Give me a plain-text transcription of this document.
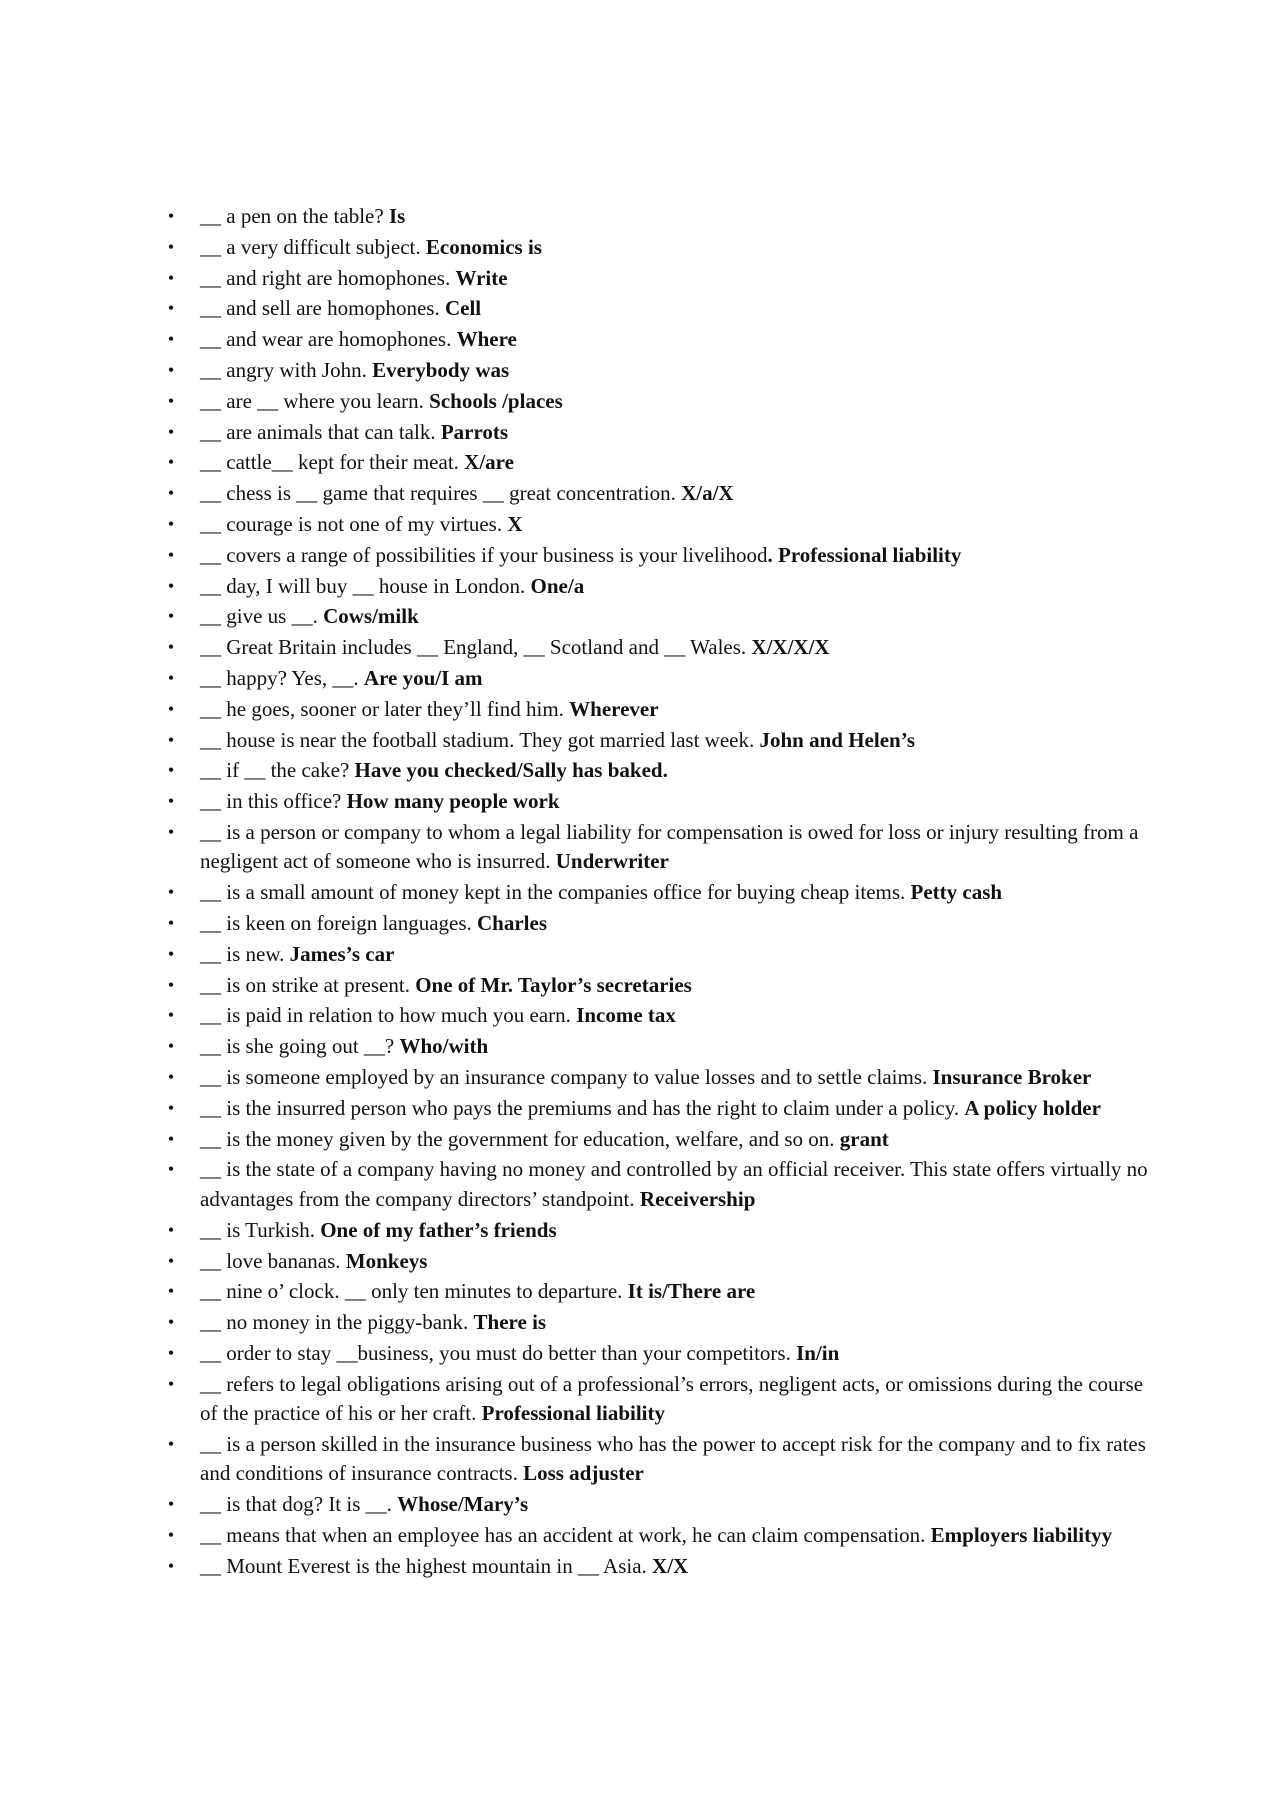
• __ a pen on the table? Is
• __ a very difficult subject. Economics is
• __ and right are homophones. Write
• __ and sell are homophones. Cell
• __ and wear are homophones. Where
• __ angry with John. Everybody was
• __ are __ where you learn. Schools /places
• __ are animals that can talk. Parrots
• __ cattle__ kept for their meat. X/are
• __ chess is __ game that requires __ great concentration. X/a/X
• __ courage is not one of my virtues. X
• __ covers a range of possibilities if your business is your livelihood. Professional liability
• __ day, I will buy __ house in London. One/a
• __ give us __. Cows/milk
• __ Great Britain includes __ England, __ Scotland and __ Wales. X/X/X/X
• __ happy? Yes, __. Are you/I am
• __ he goes, sooner or later they’ll find him. Wherever
• __ house is near the football stadium. They got married last week. John and Helen’s
• __ if __ the cake? Have you checked/Sally has baked.
• __ in this office? How many people work
• __ is a person or company to whom a legal liability for compensation is owed for loss or injury resulting from a negligent act of someone who is insurred. Underwriter
• __ is a small amount of money kept in the companies office for buying cheap items. Petty cash
• __ is keen on foreign languages. Charles
• __ is new. James’s car
• __ is on strike at present. One of Mr. Taylor’s secretaries
• __ is paid in relation to how much you earn. Income tax
• __ is she going out __? Who/with
• __ is someone employed by an insurance company to value losses and to settle claims. Insurance Broker
• __ is the insurred person who pays the premiums and has the right to claim under a policy. A policy holder
• __ is the money given by the government for education, welfare, and so on. grant
• __ is the state of a company having no money and controlled by an official receiver. This state offers virtually no advantages from the company directors’ standpoint. Receivership
• __ is Turkish. One of my father’s friends
• __ love bananas. Monkeys
• __ nine o’ clock. __ only ten minutes to departure. It is/There are
• __ no money in the piggy-bank. There is
• __ order to stay __business, you must do better than your competitors. In/in
• __ refers to legal obligations arising out of a professional’s errors, negligent acts, or omissions during the course of the practice of his or her craft. Professional liability
• __ is a person skilled in the insurance business who has the power to accept risk for the company and to fix rates and conditions of insurance contracts. Loss adjuster
• __ is that dog? It is __. Whose/Mary’s
• __ means that when an employee has an accident at work, he can claim compensation. Employers liabilityy
• __ Mount Everest is the highest mountain in __ Asia. X/X
